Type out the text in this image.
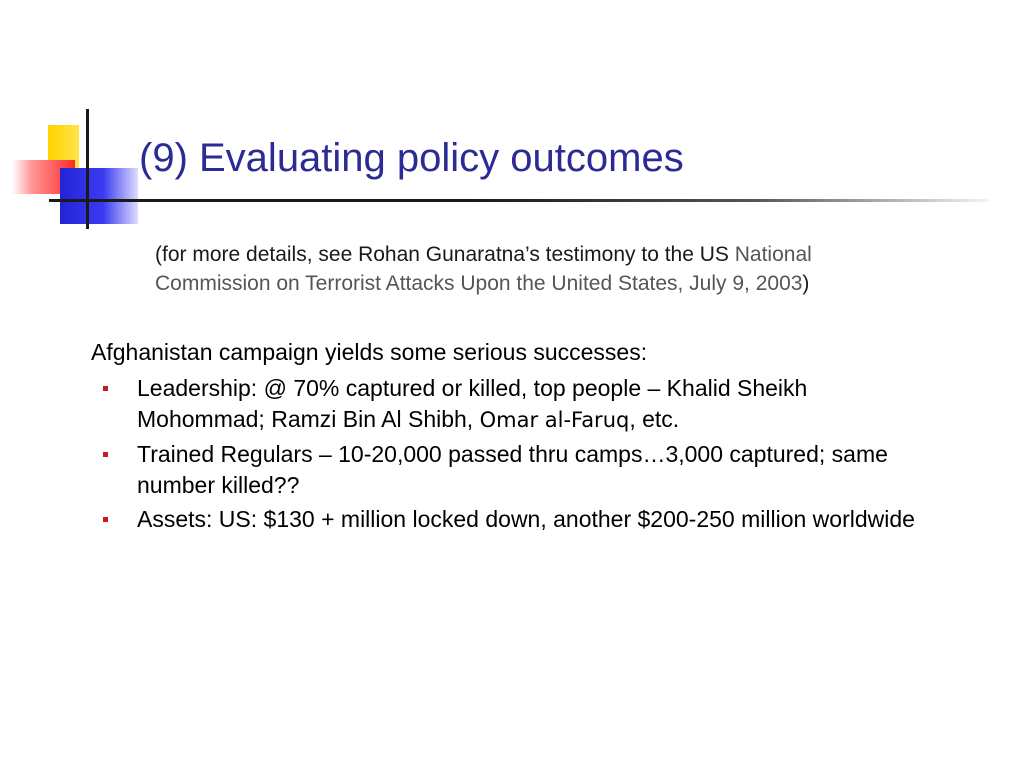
(9) Evaluating policy outcomes
(for more details, see Rohan Gunaratna’s testimony to the US National Commission on Terrorist Attacks Upon the United States, July 9, 2003)
Afghanistan campaign yields some serious successes:
Leadership: @ 70% captured or killed, top people – Khalid Sheikh Mohommad; Ramzi Bin Al Shibh, Omar al-Faruq, etc.
Trained Regulars – 10-20,000 passed thru camps…3,000 captured; same number killed??
Assets: US: $130 + million locked down, another $200-250 million worldwide
